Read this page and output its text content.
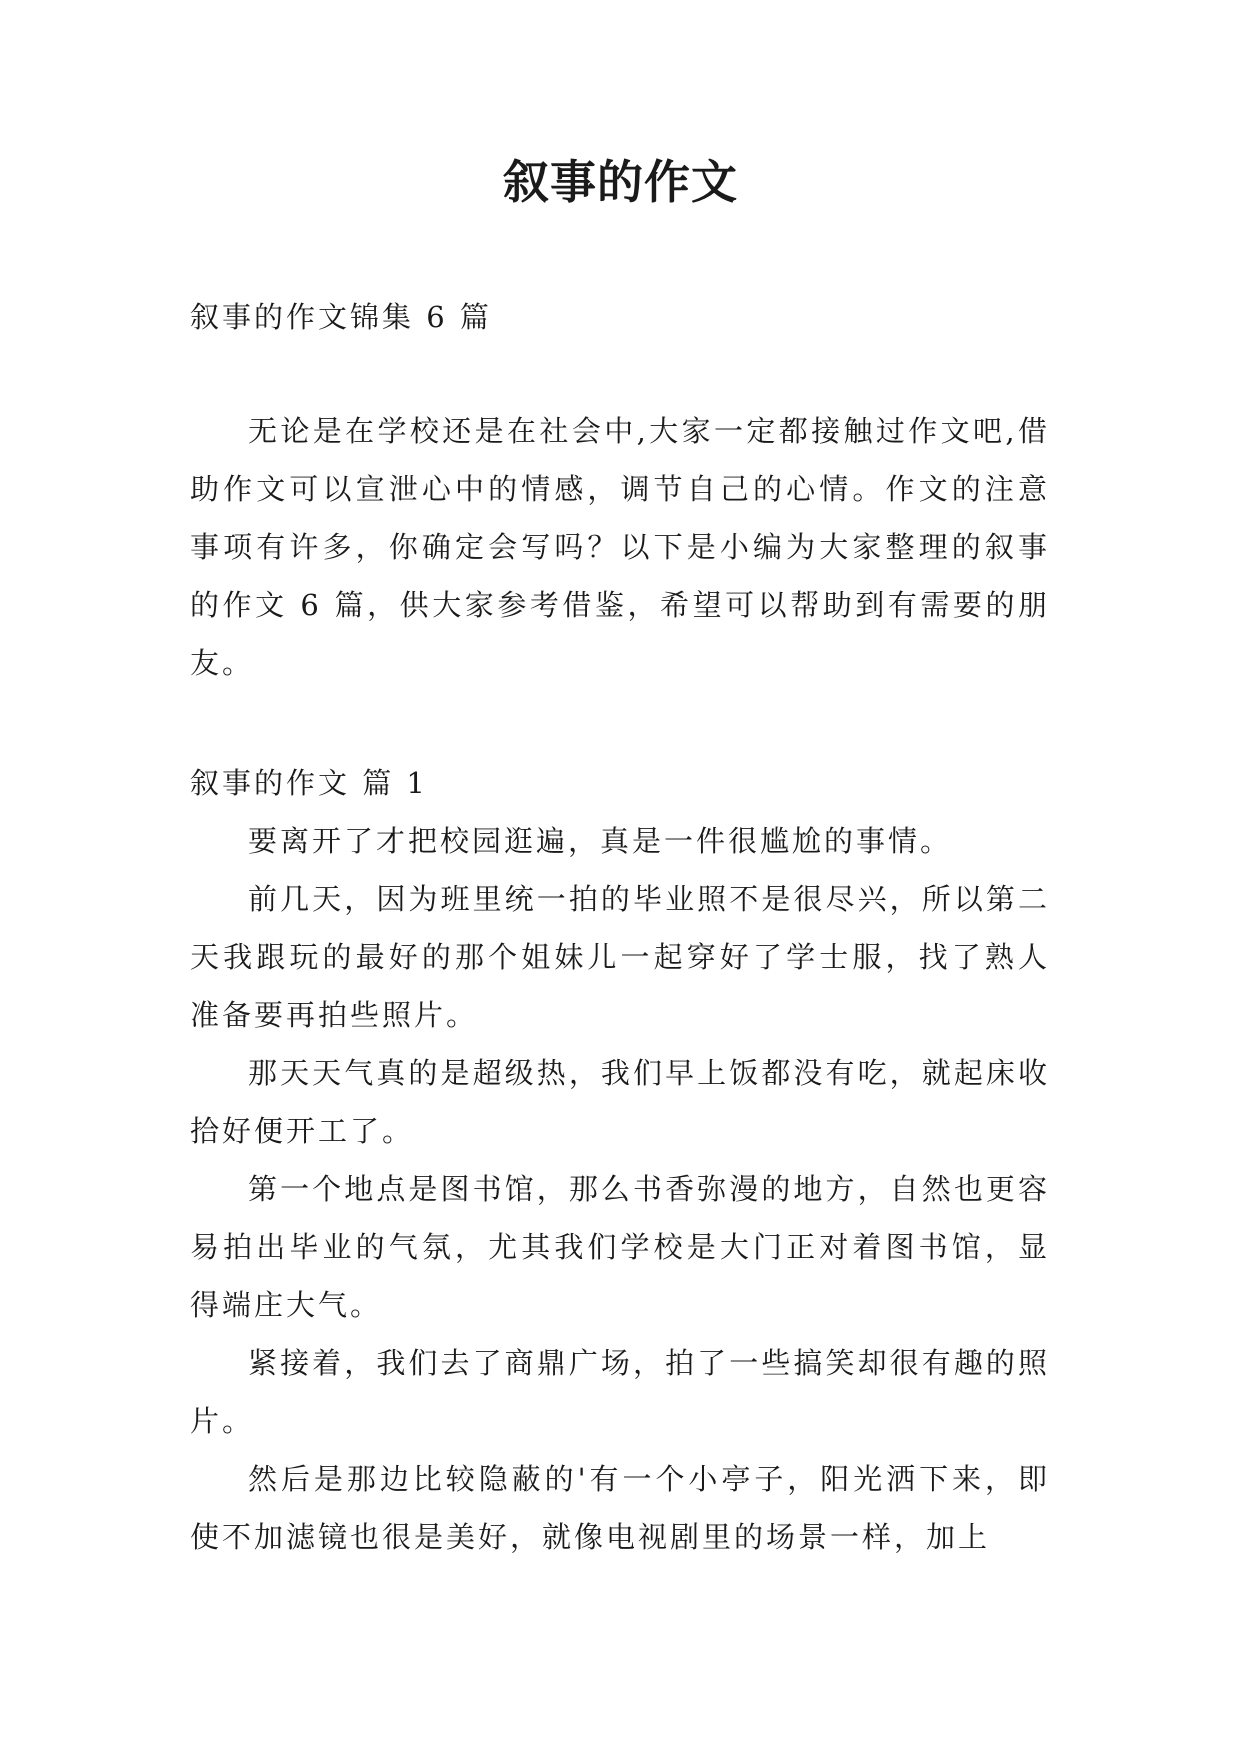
叙事的作文
叙事的作文锦集 6 篇

无论是在学校还是在社会中,大家一定都接触过作文吧,借助作文可以宣泄心中的情感，调节自己的心情。作文的注意事项有许多，你确定会写吗？以下是小编为大家整理的叙事的作文 6 篇，供大家参考借鉴，希望可以帮助到有需要的朋友。

叙事的作文 篇 1

要离开了才把校园逛遍，真是一件很尴尬的事情。

前几天，因为班里统一拍的毕业照不是很尽兴，所以第二天我跟玩的最好的那个姐妹儿一起穿好了学士服，找了熟人准备要再拍些照片。

那天天气真的是超级热，我们早上饭都没有吃，就起床收拾好便开工了。

第一个地点是图书馆，那么书香弥漫的地方，自然也更容易拍出毕业的气氛，尤其我们学校是大门正对着图书馆，显得端庄大气。

紧接着，我们去了商鼎广场，拍了一些搞笑却很有趣的照片。

然后是那边比较隐蔽的'有一个小亭子，阳光洒下来，即使不加滤镜也很是美好，就像电视剧里的场景一样，加上
